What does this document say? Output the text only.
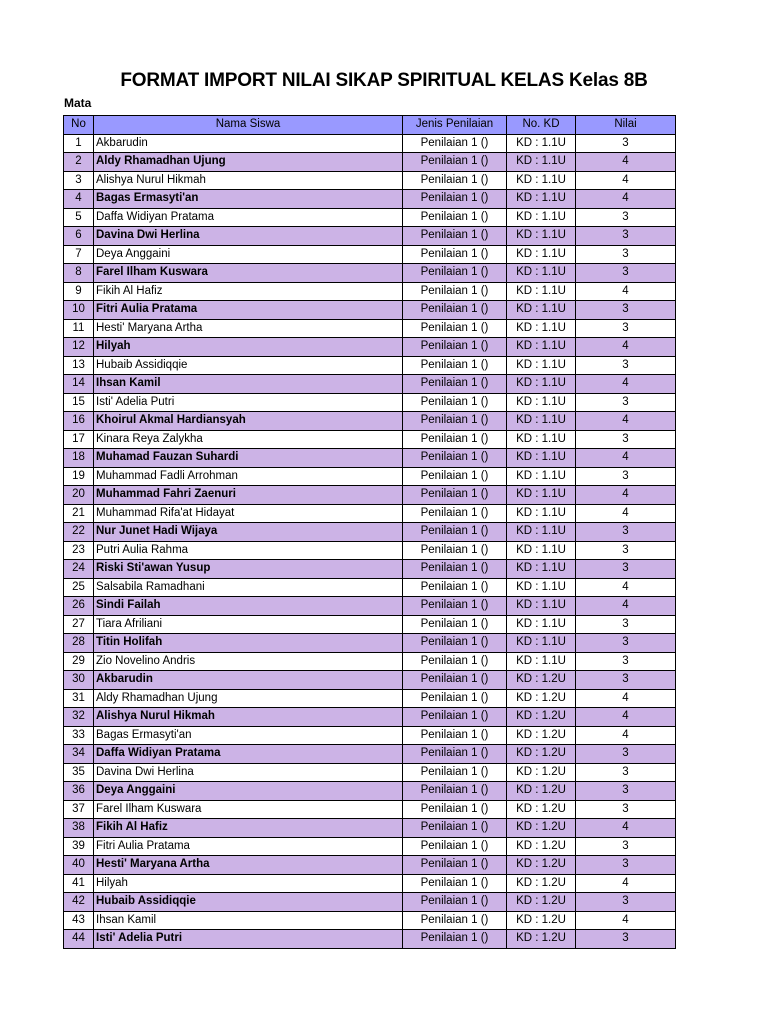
FORMAT IMPORT NILAI SIKAP SPIRITUAL KELAS Kelas 8B
Mata
No	Nama Siswa	Jenis Penilaian	No. KD	Nilai
1	Akbarudin	Penilaian 1 ()	KD : 1.1U	3
2	Aldy Rhamadhan Ujung	Penilaian 1 ()	KD : 1.1U	4
3	Alishya Nurul Hikmah	Penilaian 1 ()	KD : 1.1U	4
4	Bagas Ermasyti'an	Penilaian 1 ()	KD : 1.1U	4
5	Daffa Widiyan Pratama	Penilaian 1 ()	KD : 1.1U	3
6	Davina Dwi Herlina	Penilaian 1 ()	KD : 1.1U	3
7	Deya Anggaini	Penilaian 1 ()	KD : 1.1U	3
8	Farel Ilham Kuswara	Penilaian 1 ()	KD : 1.1U	3
9	Fikih Al Hafiz	Penilaian 1 ()	KD : 1.1U	4
10	Fitri Aulia Pratama	Penilaian 1 ()	KD : 1.1U	3
11	Hesti' Maryana Artha	Penilaian 1 ()	KD : 1.1U	3
12	Hilyah	Penilaian 1 ()	KD : 1.1U	4
13	Hubaib Assidiqqie	Penilaian 1 ()	KD : 1.1U	3
14	Ihsan Kamil	Penilaian 1 ()	KD : 1.1U	4
15	Isti' Adelia Putri	Penilaian 1 ()	KD : 1.1U	3
16	Khoirul Akmal Hardiansyah	Penilaian 1 ()	KD : 1.1U	4
17	Kinara Reya Zalykha	Penilaian 1 ()	KD : 1.1U	3
18	Muhamad Fauzan Suhardi	Penilaian 1 ()	KD : 1.1U	4
19	Muhammad Fadli Arrohman	Penilaian 1 ()	KD : 1.1U	3
20	Muhammad Fahri Zaenuri	Penilaian 1 ()	KD : 1.1U	4
21	Muhammad Rifa'at Hidayat	Penilaian 1 ()	KD : 1.1U	4
22	Nur Junet Hadi Wijaya	Penilaian 1 ()	KD : 1.1U	3
23	Putri Aulia Rahma	Penilaian 1 ()	KD : 1.1U	3
24	Riski Sti'awan Yusup	Penilaian 1 ()	KD : 1.1U	3
25	Salsabila Ramadhani	Penilaian 1 ()	KD : 1.1U	4
26	Sindi Failah	Penilaian 1 ()	KD : 1.1U	4
27	Tiara Afriliani	Penilaian 1 ()	KD : 1.1U	3
28	Titin Holifah	Penilaian 1 ()	KD : 1.1U	3
29	Zio Novelino Andris	Penilaian 1 ()	KD : 1.1U	3
30	Akbarudin	Penilaian 1 ()	KD : 1.2U	3
31	Aldy Rhamadhan Ujung	Penilaian 1 ()	KD : 1.2U	4
32	Alishya Nurul Hikmah	Penilaian 1 ()	KD : 1.2U	4
33	Bagas Ermasyti'an	Penilaian 1 ()	KD : 1.2U	4
34	Daffa Widiyan Pratama	Penilaian 1 ()	KD : 1.2U	3
35	Davina Dwi Herlina	Penilaian 1 ()	KD : 1.2U	3
36	Deya Anggaini	Penilaian 1 ()	KD : 1.2U	3
37	Farel Ilham Kuswara	Penilaian 1 ()	KD : 1.2U	3
38	Fikih Al Hafiz	Penilaian 1 ()	KD : 1.2U	4
39	Fitri Aulia Pratama	Penilaian 1 ()	KD : 1.2U	3
40	Hesti' Maryana Artha	Penilaian 1 ()	KD : 1.2U	3
41	Hilyah	Penilaian 1 ()	KD : 1.2U	4
42	Hubaib Assidiqqie	Penilaian 1 ()	KD : 1.2U	3
43	Ihsan Kamil	Penilaian 1 ()	KD : 1.2U	4
44	Isti' Adelia Putri	Penilaian 1 ()	KD : 1.2U	3
